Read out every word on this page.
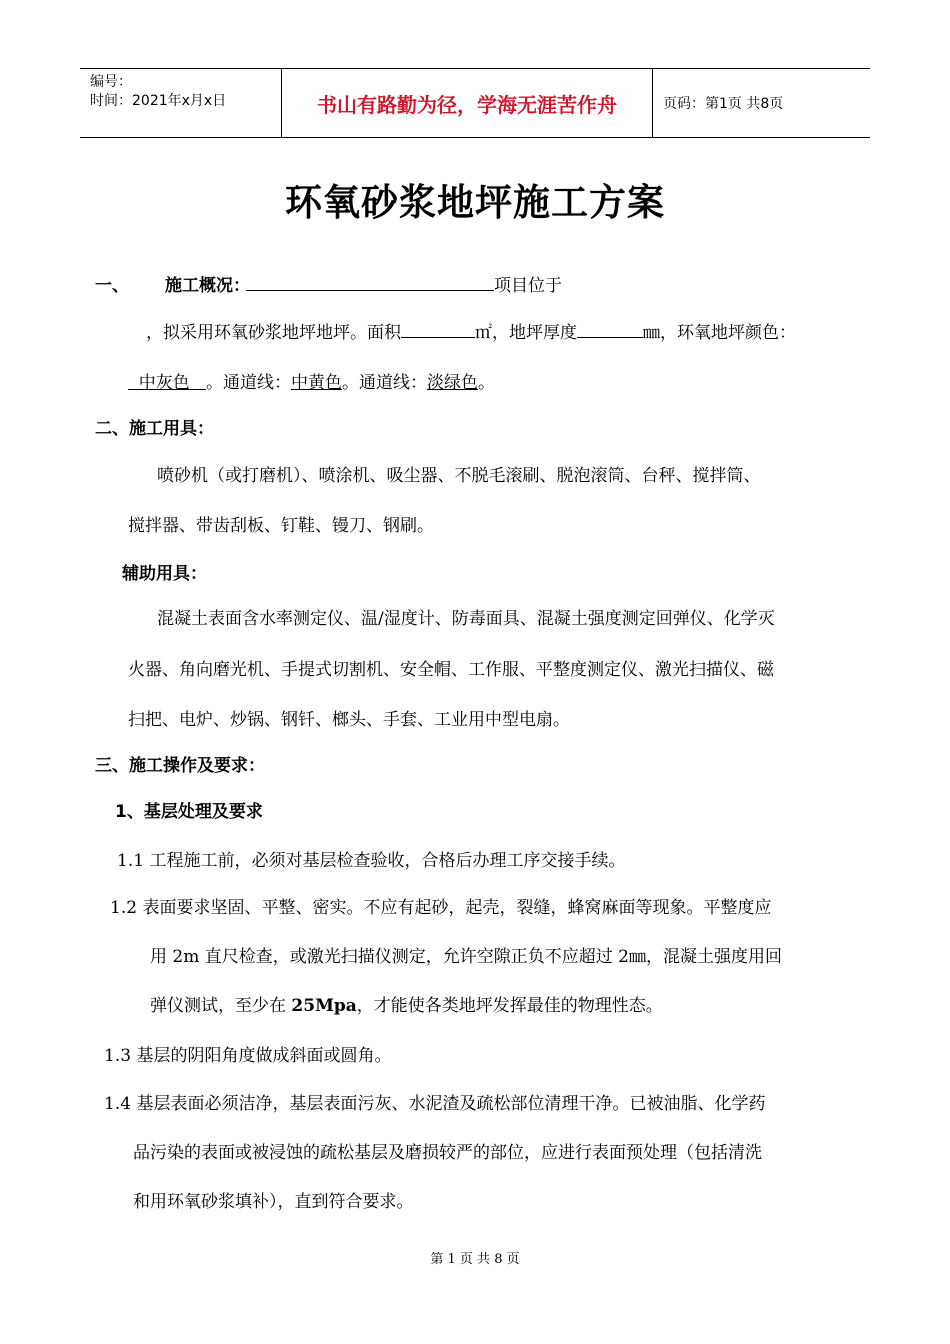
编号：
时间：2021年x月x日	书山有路勤为径，学海无涯苦作舟	页码：第1页 共8页
环氧砂浆地坪施工方案
一、 施工概况：	项目位于
，拟采用环氧砂浆地坪地坪。面积	㎡，地坪厚度	㎜，环氧地坪颜色：
中灰色   。通道线：中黄色。通道线：淡绿色。
二、施工用具：
喷砂机（或打磨机）、喷涂机、吸尘器、不脱毛滚刷、脱泡滚筒、台秤、搅拌筒、
搅拌器、带齿刮板、钉鞋、镘刀、钢刷。
辅助用具：
混凝土表面含水率测定仪、温/湿度计、防毒面具、混凝土强度测定回弹仪、化学灭
火器、角向磨光机、手提式切割机、安全帽、工作服、平整度测定仪、激光扫描仪、磁
扫把、电炉、炒锅、钢钎、榔头、手套、工业用中型电扇。
三、施工操作及要求：
1、基层处理及要求
1.1 工程施工前，必须对基层检查验收，合格后办理工序交接手续。
1.2 表面要求坚固、平整、密实。不应有起砂，起壳，裂缝，蜂窝麻面等现象。平整度应
用 2m 直尺检查，或激光扫描仪测定，允许空隙正负不应超过 2㎜，混凝土强度用回
弹仪测试，至少在 25Mpa，才能使各类地坪发挥最佳的物理性态。
1.3 基层的阴阳角度做成斜面或圆角。
1.4 基层表面必须洁净，基层表面污灰、水泥渣及疏松部位清理干净。已被油脂、化学药
品污染的表面或被浸蚀的疏松基层及磨损较严的部位，应进行表面预处理（包括清洗
和用环氧砂浆填补），直到符合要求。
第 1 页 共 8 页
